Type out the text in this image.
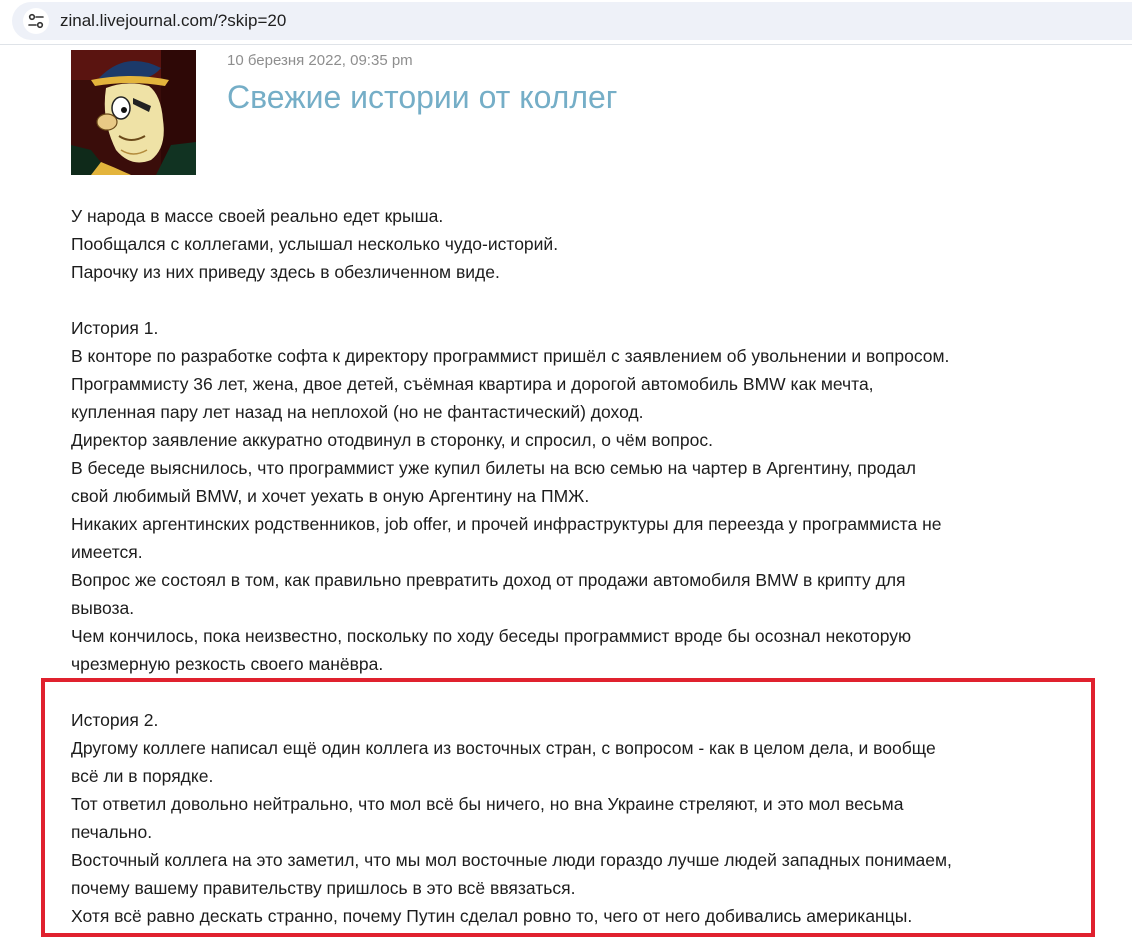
zinal.livejournal.com/?skip=20
10 березня 2022, 09:35 pm
Свежие истории от коллег

У народа в массе своей реально едет крыша.

Пообщался с коллегами, услышал несколько чудо-историй.

Парочку из них приведу здесь в обезличенном виде.

История 1.

В конторе по разработке софта к директору программист пришёл с заявлением об увольнении и вопросом.

Программисту 36 лет, жена, двое детей, съёмная квартира и дорогой автомобиль BMW как мечта,

купленная пару лет назад на неплохой (но не фантастический) доход.

Директор заявление аккуратно отодвинул в сторонку, и спросил, о чём вопрос.

В беседе выяснилось, что программист уже купил билеты на всю семью на чартер в Аргентину, продал

свой любимый BMW, и хочет уехать в оную Аргентину на ПМЖ.

Никаких аргентинских родственников, job offer, и прочей инфраструктуры для переезда у программиста не

имеется.

Вопрос же состоял в том, как правильно превратить доход от продажи автомобиля BMW в крипту для

вывоза.

Чем кончилось, пока неизвестно, поскольку по ходу беседы программист вроде бы осознал некоторую

чрезмерную резкость своего манёвра.

История 2.

Другому коллеге написал ещё один коллега из восточных стран, с вопросом - как в целом дела, и вообще

всё ли в порядке.

Тот ответил довольно нейтрально, что мол всё бы ничего, но вна Украине стреляют, и это мол весьма

печально.

Восточный коллега на это заметил, что мы мол восточные люди гораздо лучше людей западных понимаем,

почему вашему правительству пришлось в это всё ввязаться.

Хотя всё равно дескать странно, почему Путин сделал ровно то, чего от него добивались американцы.
